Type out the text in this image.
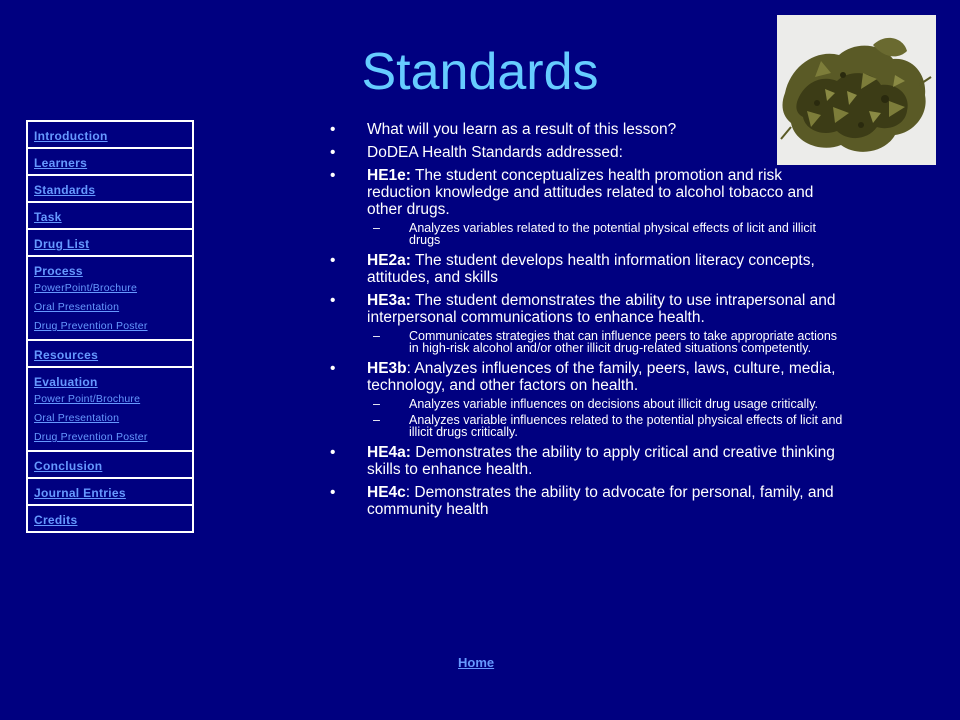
Standards
Introduction
Learners
Standards
Task
Drug List
Process
PowerPoint/Brochure
Oral Presentation
Drug Prevention Poster
Resources
Evaluation
Power Point/Brochure
Oral Presentation
Drug Prevention Poster
Conclusion
Journal Entries
Credits
• What will you learn as a result of this lesson?
• DoDEA Health Standards addressed:
• HE1e: The student conceptualizes health promotion and risk reduction knowledge and attitudes related to alcohol tobacco and other drugs.
– Analyzes variables related to the potential physical effects of licit and illicit drugs
• HE2a: The student develops health information literacy concepts, attitudes, and skills
• HE3a: The student demonstrates the ability to use intrapersonal and interpersonal communications to enhance health.
– Communicates strategies that can influence peers to take appropriate actions in high-risk alcohol and/or other illicit drug-related situations competently.
• HE3b: Analyzes influences of the family, peers, laws, culture, media, technology, and other factors on health.
– Analyzes variable influences on decisions about illicit drug usage critically.
– Analyzes variable influences related to the potential physical effects of licit and illicit drugs critically.
• HE4a: Demonstrates the ability to apply critical and creative thinking skills to enhance health.
• HE4c: Demonstrates the ability to advocate for personal, family, and community health
Home
